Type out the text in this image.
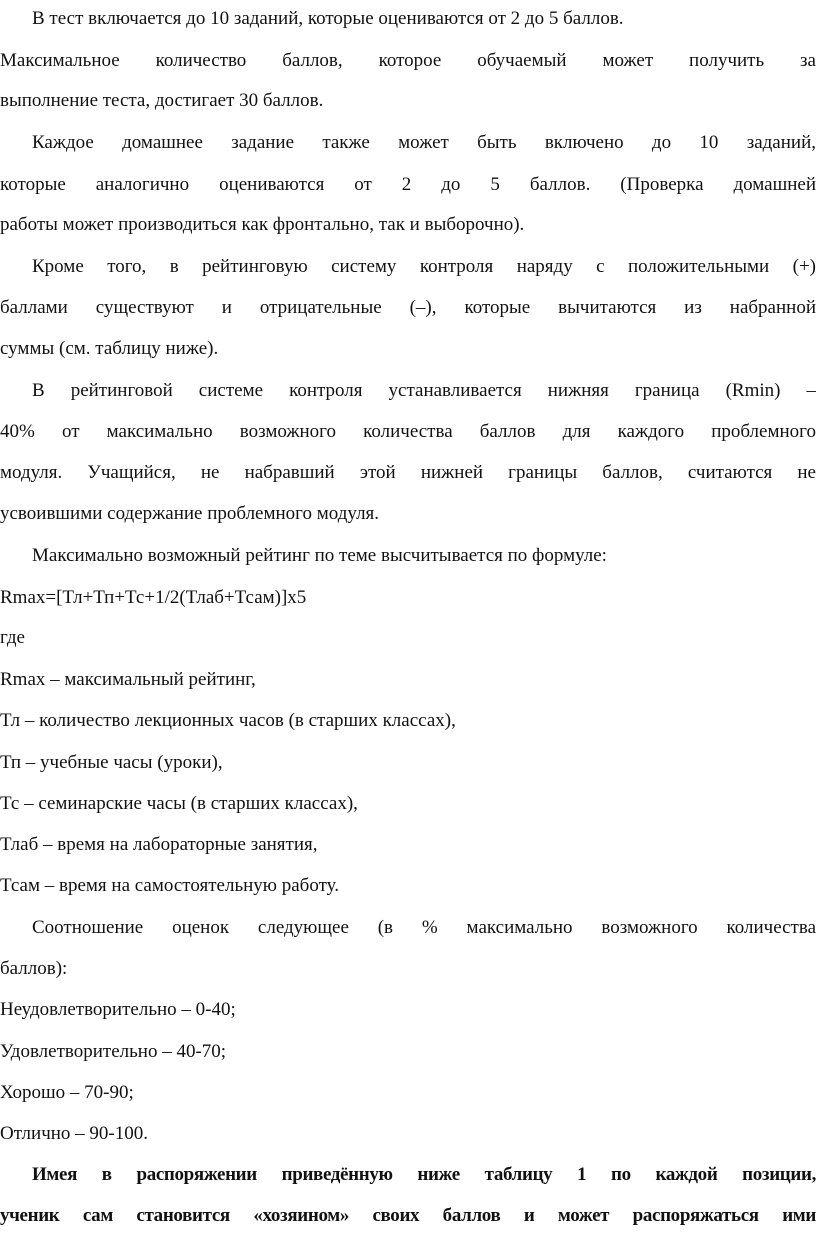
В тест включается до 10 заданий, которые оцениваются от 2 до 5 баллов.
Максимальное количество баллов, которое обучаемый может получить за
выполнение теста, достигает 30 баллов.
Каждое домашнее задание также может быть включено до 10 заданий,
которые аналогично оцениваются от 2 до 5 баллов. (Проверка домашней
работы может производиться как фронтально, так и выборочно).
Кроме того, в рейтинговую систему контроля наряду с положительными (+)
баллами существуют и отрицательные (–), которые вычитаются из набранной
суммы (см. таблицу ниже).
В рейтинговой системе контроля устанавливается нижняя граница (Rmin) –
40% от максимально возможного количества баллов для каждого проблемного
модуля. Учащийся, не набравший этой нижней границы баллов, считаются не
усвоившими содержание проблемного модуля.
Максимально возможный рейтинг по теме высчитывается по формуле:
Rmax=[Тл+Тп+Тс+1/2(Тлаб+Тсам)]х5
где
Rmax – максимальный рейтинг,
Тл – количество лекционных часов (в старших классах),
Тп – учебные часы (уроки),
Тс – семинарские часы (в старших классах),
Тлаб – время на лабораторные занятия,
Тсам – время на самостоятельную работу.
Соотношение оценок следующее (в % максимально возможного количества
баллов):
Неудовлетворительно – 0-40;
Удовлетворительно – 40-70;
Хорошо – 70-90;
Отлично – 90-100.
Имея в распоряжении приведённую ниже таблицу 1 по каждой позиции,
ученик сам становится «хозяином» своих баллов и может распоряжаться ими
